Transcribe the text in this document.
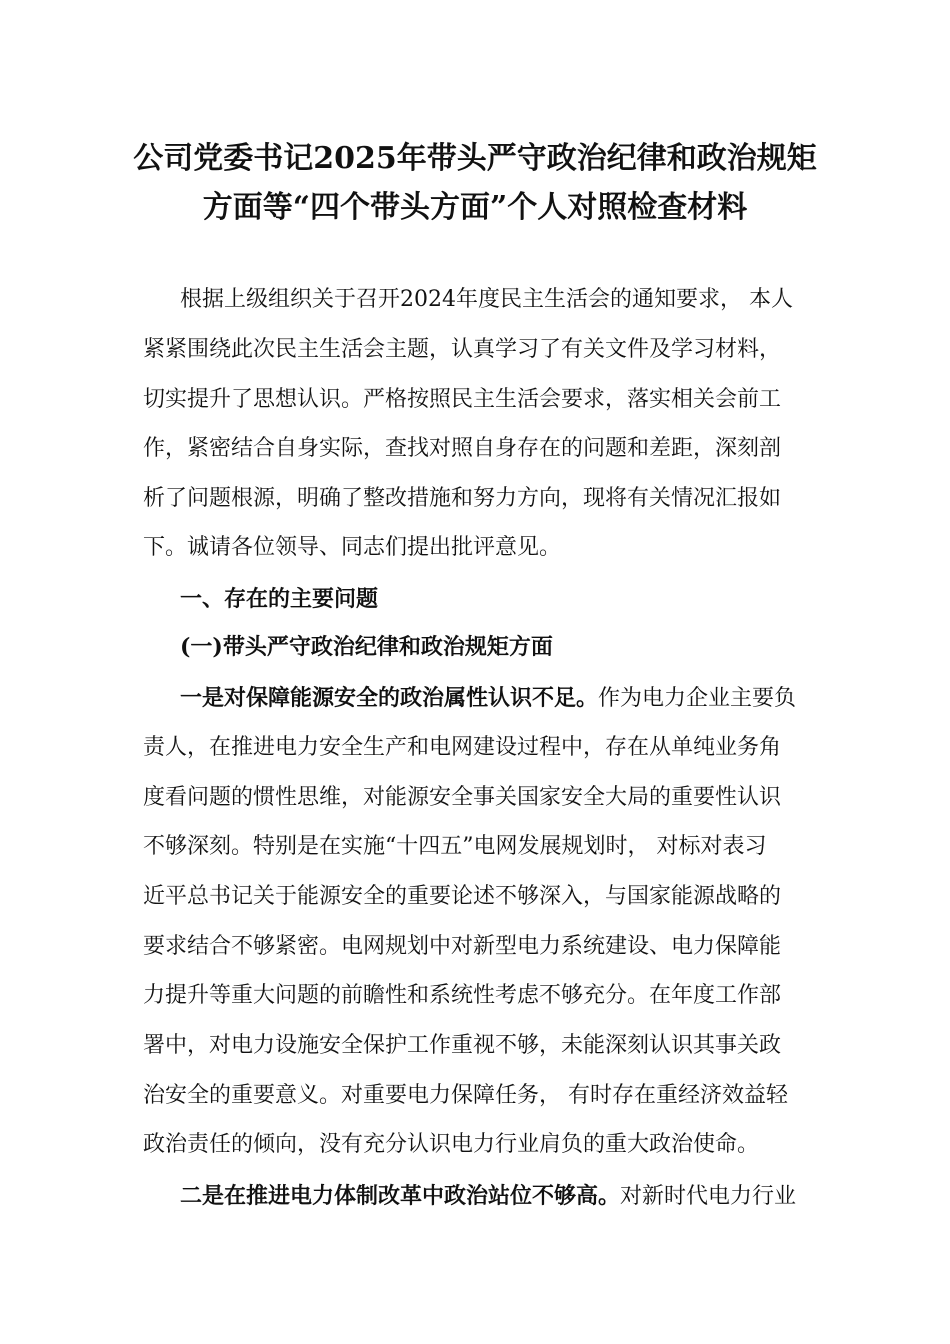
公司党委书记2025年带头严守政治纪律和政治规矩
方面等“四个带头方面”个人对照检查材料
根据上级组织关于召开2024年度民主生活会的通知要求， 本人
紧紧围绕此次民主生活会主题，认真学习了有关文件及学习材料，
切实提升了思想认识。严格按照民主生活会要求，落实相关会前工
作，紧密结合自身实际，查找对照自身存在的问题和差距，深刻剖
析了问题根源，明确了整改措施和努力方向，现将有关情况汇报如
下。诚请各位领导、同志们提出批评意见。
一、存在的主要问题
(一)带头严守政治纪律和政治规矩方面
一是对保障能源安全的政治属性认识不足。作为电力企业主要负
责人，在推进电力安全生产和电网建设过程中，存在从单纯业务角
度看问题的惯性思维，对能源安全事关国家安全大局的重要性认识
不够深刻。特别是在实施“十四五”电网发展规划时， 对标对表习
近平总书记关于能源安全的重要论述不够深入，与国家能源战略的
要求结合不够紧密。电网规划中对新型电力系统建设、电力保障能
力提升等重大问题的前瞻性和系统性考虑不够充分。在年度工作部
署中，对电力设施安全保护工作重视不够，未能深刻认识其事关政
治安全的重要意义。对重要电力保障任务， 有时存在重经济效益轻
政治责任的倾向，没有充分认识电力行业肩负的重大政治使命。
二是在推进电力体制改革中政治站位不够高。对新时代电力行业
